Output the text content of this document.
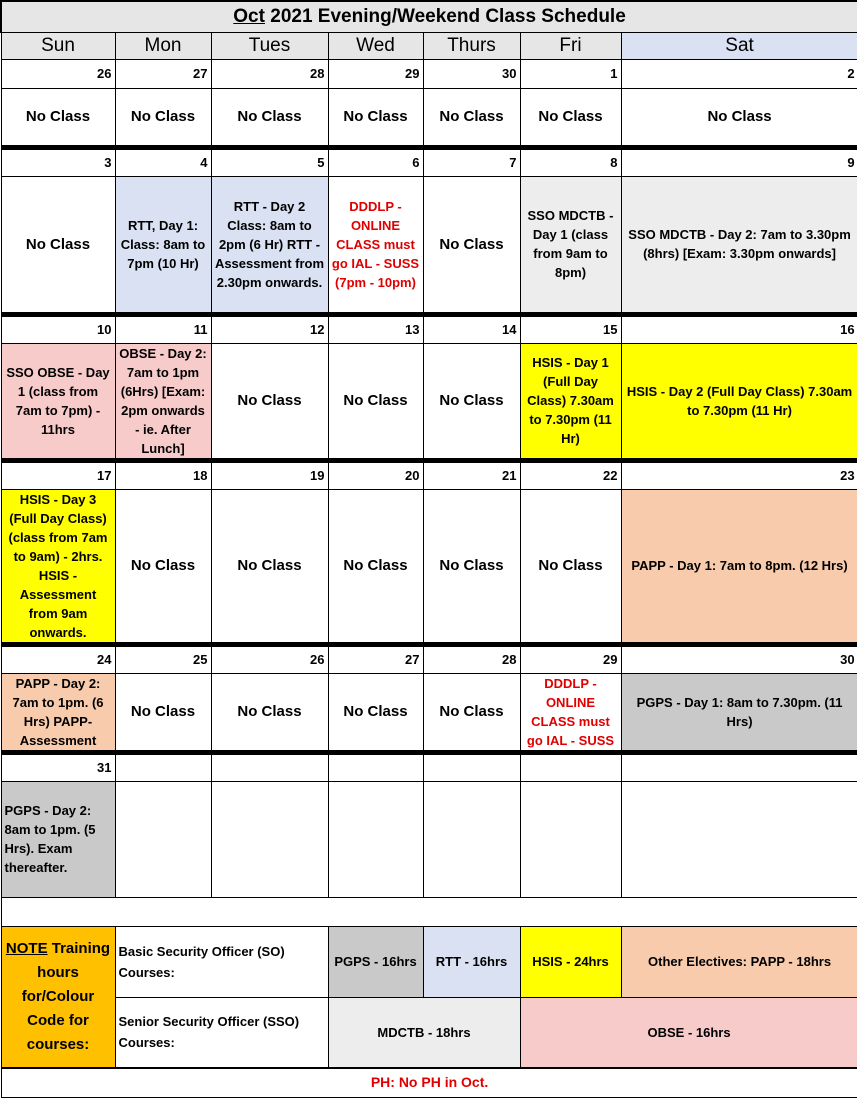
Oct 2021 Evening/Weekend Class Schedule						
Sun	Mon	Tues	Wed	Thurs	Fri	Sat
26	27	28	29	30	1	2
No Class	No Class	No Class	No Class	No Class	No Class	No Class
3	4	5	6	7	8	9
No Class	RTT, Day 1: Class: 8am to 7pm (10 Hr)	RTT - Day 2 Class: 8am to 2pm (6 Hr) RTT - Assessment from 2.30pm onwards.	DDDLP - ONLINE CLASS must go IAL - SUSS (7pm - 10pm)	No Class	SSO MDCTB - Day 1 (class from 9am to 8pm)	SSO MDCTB - Day 2: 7am to 3.30pm (8hrs) [Exam: 3.30pm onwards]
10	11	12	13	14	15	16
SSO OBSE - Day 1 (class from 7am to 7pm) - 11hrs	OBSE - Day 2: 7am to 1pm (6Hrs) [Exam: 2pm onwards - ie. After Lunch]	No Class	No Class	No Class	HSIS - Day 1 (Full Day Class) 7.30am to 7.30pm (11 Hr)	HSIS - Day 2 (Full Day Class) 7.30am to 7.30pm (11 Hr)
17	18	19	20	21	22	23
HSIS - Day 3 (Full Day Class) (class from 7am to 9am) - 2hrs. HSIS - Assessment from 9am onwards.	No Class	No Class	No Class	No Class	No Class	PAPP - Day 1: 7am to 8pm. (12 Hrs)
24	25	26	27	28	29	30
PAPP - Day 2: 7am to 1pm. (6 Hrs) PAPP- Assessment	No Class	No Class	No Class	No Class	DDDLP - ONLINE CLASS must go IAL - SUSS	PGPS - Day 1: 8am to 7.30pm. (11 Hrs)
31						
PGPS - Day 2: 8am to 1pm. (5 Hrs). Exam thereafter.						

NOTE Training hours for/Colour Code for courses:	Basic Security Officer (SO) Courses:		PGPS - 16hrs	RTT - 16hrs	HSIS - 24hrs	Other Electives: PAPP - 18hrs
	Senior Security Officer (SSO) Courses:		MDCTB - 18hrs		OBSE - 16hrs	
PH: No PH in Oct.						
